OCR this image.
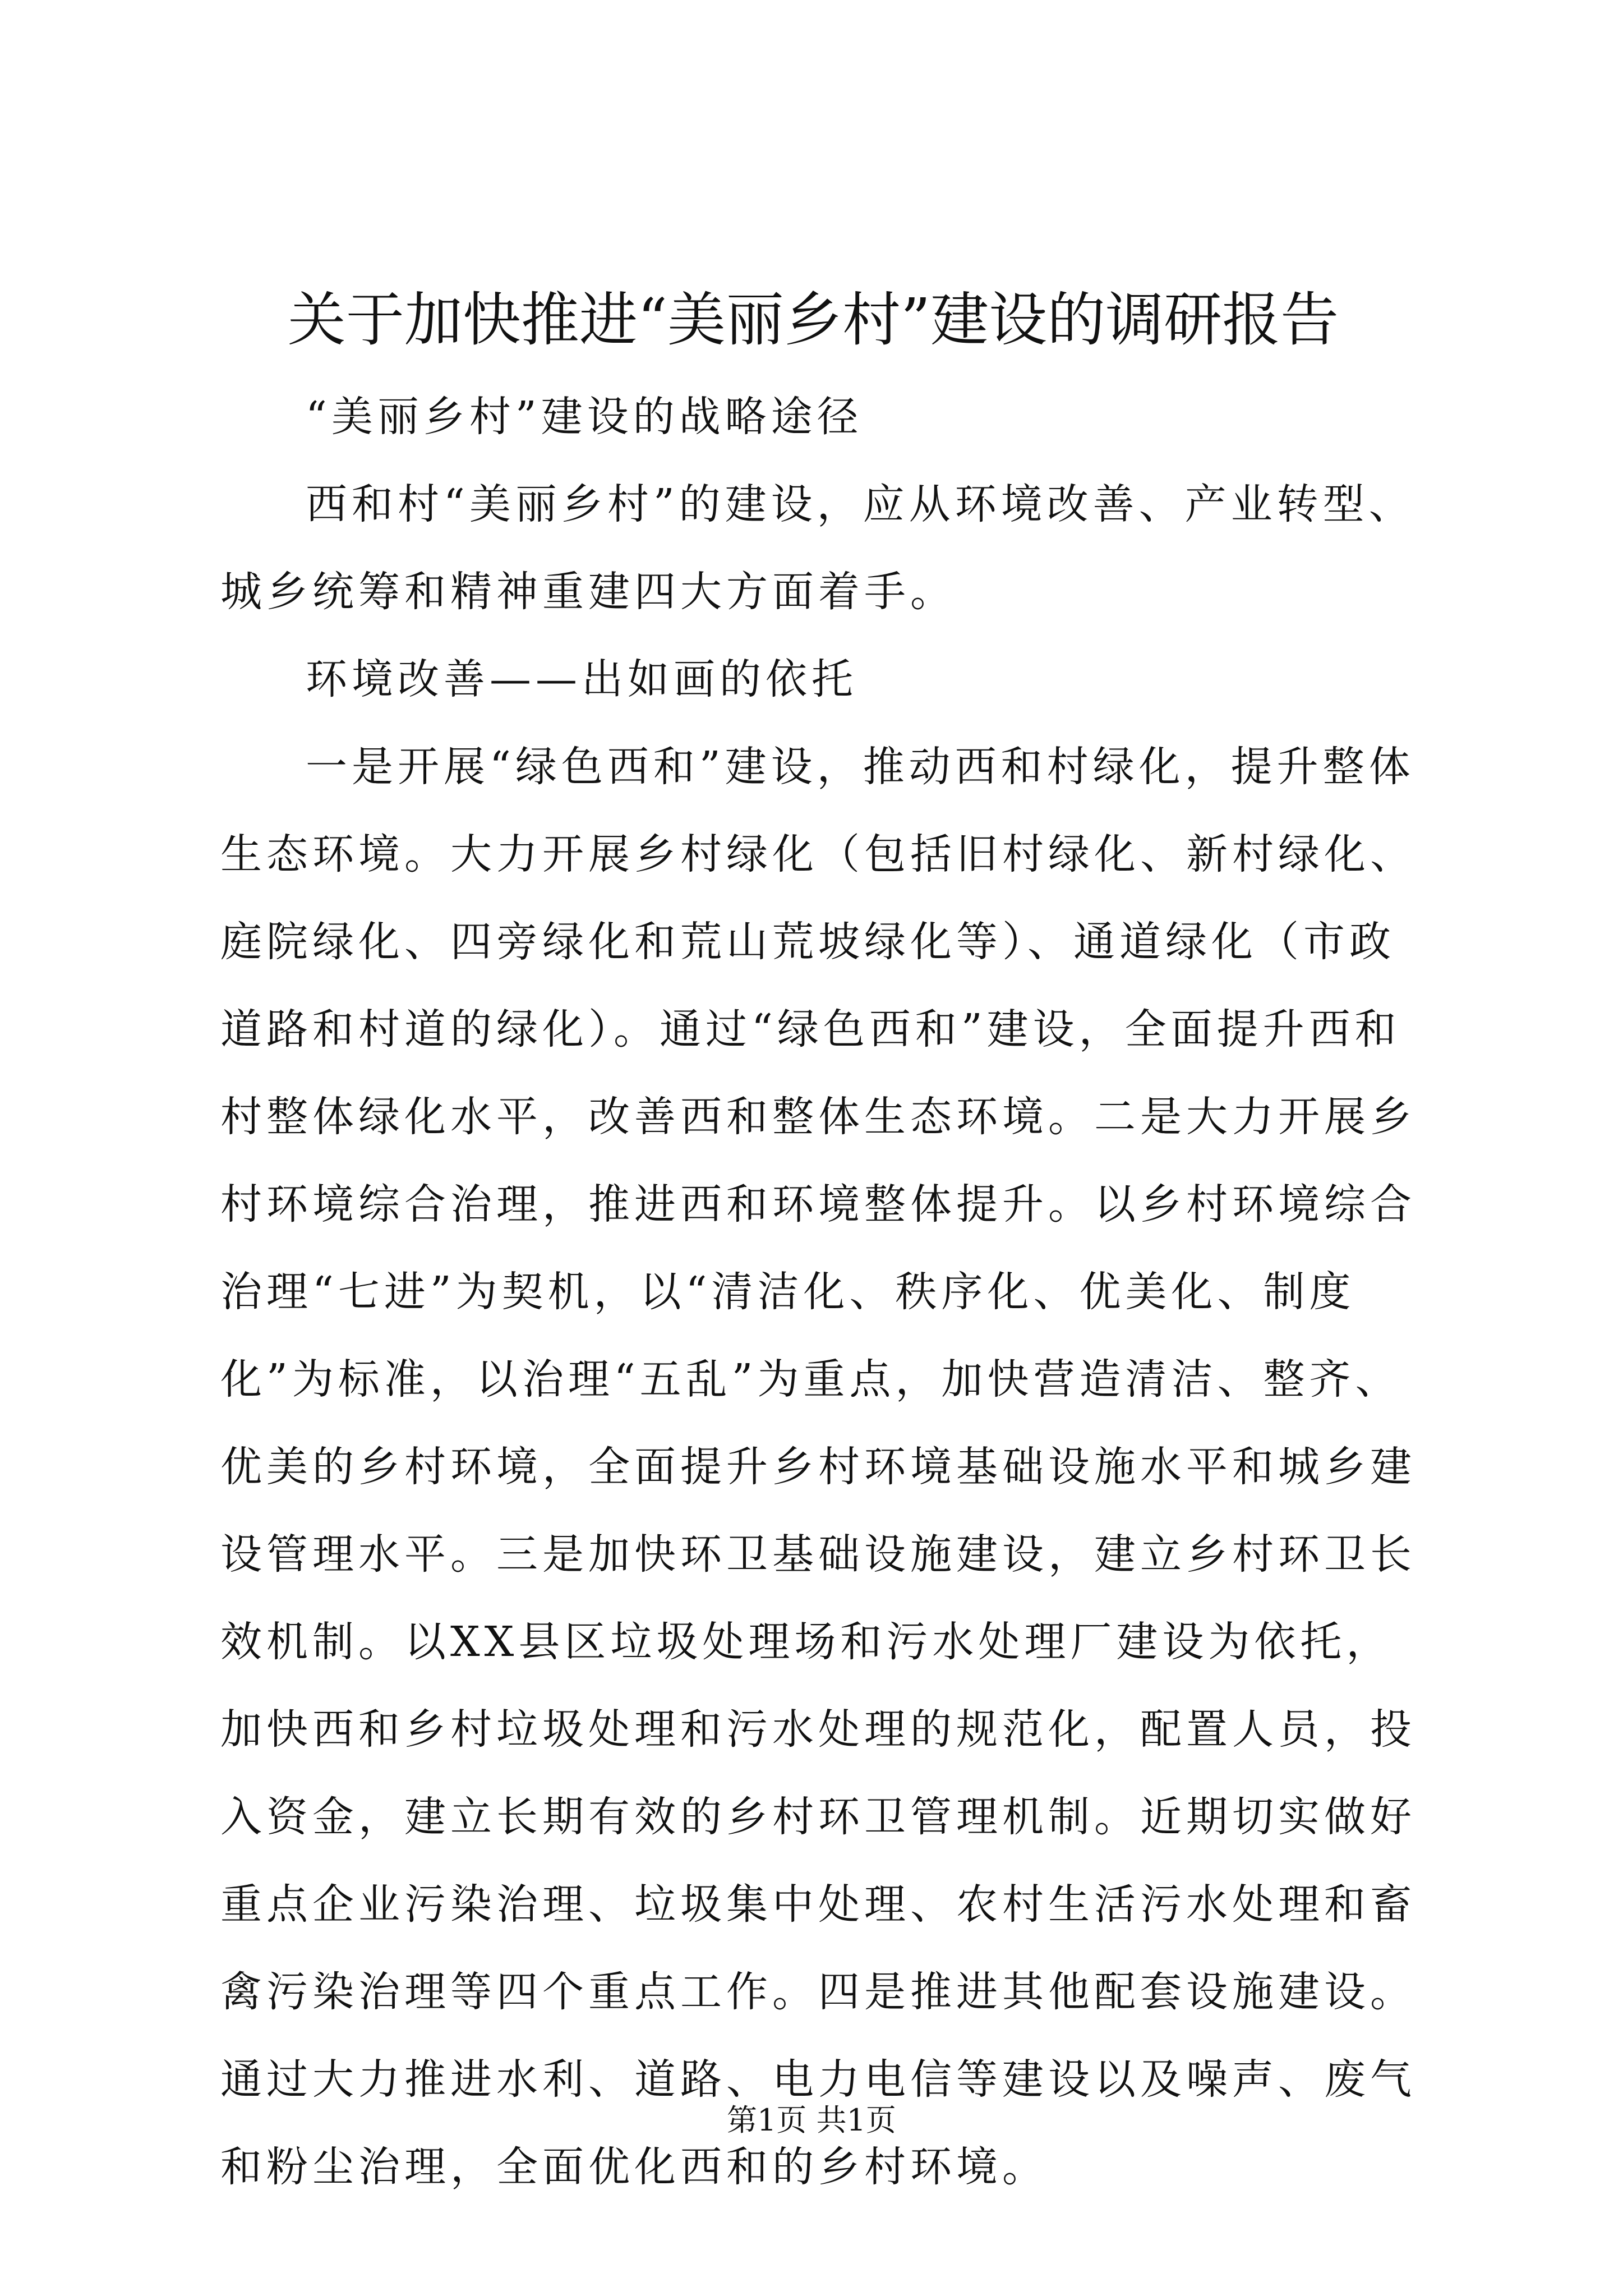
关于加快推进“美丽乡村”建设的调研报告

“美丽乡村”建设的战略途径

西和村“美丽乡村”的建设，应从环境改善、产业转型、城乡统筹和精神重建四大方面着手。

环境改善——出如画的依托

一是开展“绿色西和”建设，推动西和村绿化，提升整体生态环境。大力开展乡村绿化（包括旧村绿化、新村绿化、庭院绿化、四旁绿化和荒山荒坡绿化等）、通道绿化（市政道路和村道的绿化）。通过“绿色西和”建设，全面提升西和村整体绿化水平，改善西和整体生态环境。二是大力开展乡村环境综合治理，推进西和环境整体提升。以乡村环境综合治理“七进”为契机，以“清洁化、秩序化、优美化、制度化”为标准，以治理“五乱”为重点，加快营造清洁、整齐、优美的乡村环境，全面提升乡村环境基础设施水平和城乡建设管理水平。三是加快环卫基础设施建设，建立乡村环卫长效机制。以XX县区垃圾处理场和污水处理厂建设为依托，加快西和乡村垃圾处理和污水处理的规范化，配置人员，投入资金，建立长期有效的乡村环卫管理机制。近期切实做好重点企业污染治理、垃圾集中处理、农村生活污水处理和畜禽污染治理等四个重点工作。四是推进其他配套设施建设。通过大力推进水利、道路、电力电信等建设以及噪声、废气和粉尘治理，全面优化西和的乡村环境。

第1页 共1页
